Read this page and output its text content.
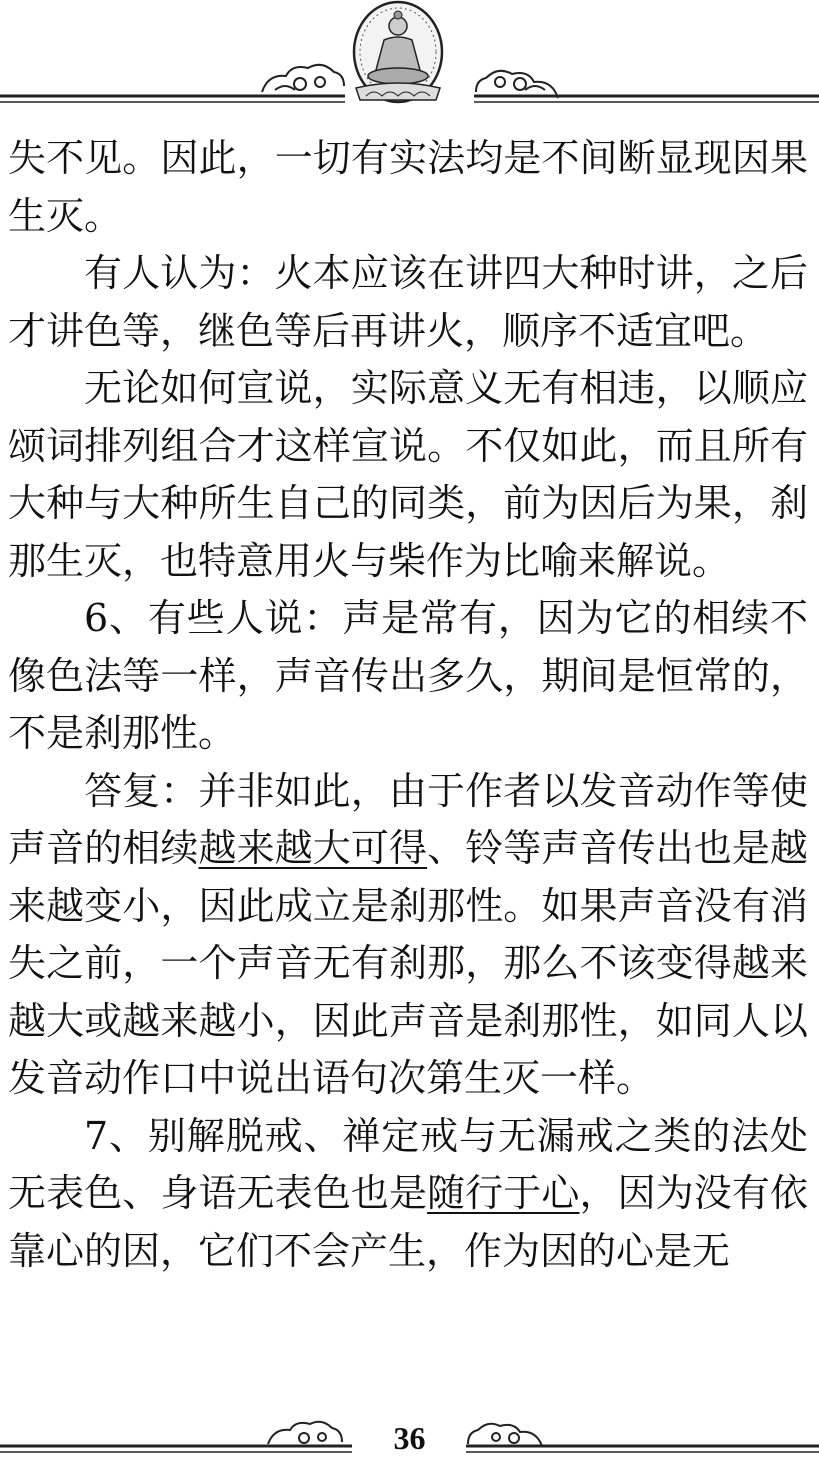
失不见。因此，一切有实法均是不间断显现因果生灭。

有人认为：火本应该在讲四大种时讲，之后才讲色等，继色等后再讲火，顺序不适宜吧。

无论如何宣说，实际意义无有相违，以顺应颂词排列组合才这样宣说。不仅如此，而且所有大种与大种所生自己的同类，前为因后为果，刹那生灭，也特意用火与柴作为比喻来解说。

6、有些人说：声是常有，因为它的相续不像色法等一样，声音传出多久，期间是恒常的，不是刹那性。

答复：并非如此，由于作者以发音动作等使声音的相续越来越大可得、铃等声音传出也是越来越变小，因此成立是刹那性。如果声音没有消失之前，一个声音无有刹那，那么不该变得越来越大或越来越小，因此声音是刹那性，如同人以发音动作口中说出语句次第生灭一样。

7、别解脱戒、禅定戒与无漏戒之类的法处无表色、身语无表色也是随行于心，因为没有依靠心的因，它们不会产生，作为因的心是无

36
